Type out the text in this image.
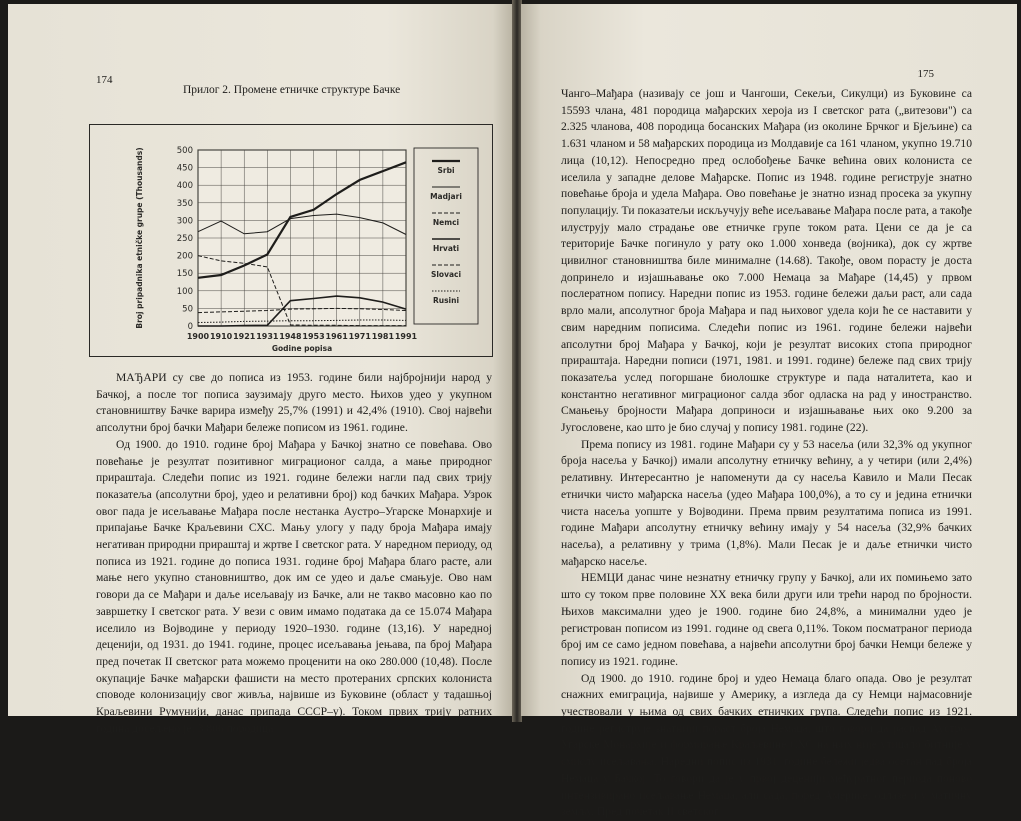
174
Прилог 2. Промене етничке структуре Бачке
0
50
100
150
200
250
300
350
400
450
500
1900 1910 1921 1931 1948 1953 1961 1971 1981 1991
Godine popisa
Broj pripadnika etničke grupe (Thousands)	Srbi
Madjari
Nemci
Hrvati
Slovaci
Rusini

МАЂАРИ су све до пописа из 1953. године били најбројнији народ у Бачкој, а после тог пописа заузимају друго место. Њихов удео у укупном становништву Бачке варира између 25,7% (1991) и 42,4% (1910). Свој највећи апсолутни број бачки Мађари бележе пописом из 1961. године.

Од 1900. до 1910. године број Мађара у Бачкој знатно се повећава. Ово повећање је резултат позитивног миграционог салда, а мање природног прираштаја. Следећи попис из 1921. године бележи нагли пад свих трију показатеља (апсолутни број, удео и релативни број) код бачких Мађара. Узрок овог пада је исељавање Мађара после нестанка Аустро–Угарске Монархије и припајање Бачке Краљевини СХС. Мању улогу у паду броја Мађара имају негативан природни прираштај и жртве I светског рата. У наредном периоду, од пописа из 1921. године до пописа 1931. године број Мађара благо расте, али мање него укупно становништво, док им се удео и даље смањује. Ово нам говори да се Мађари и даље исељавају из Бачке, али не такво масовно као по завршетку I светског рата. У вези с овим имамо података да се 15.074 Мађара иселило из Војводине у периоду 1920–1930. године (13,16). У наредној деценији, од 1931. до 1941. године, процес исељавања јењава, па број Мађара пред почетак II светског рата можемо проценити на око 280.000 (10,48). После окупације Бачке мађарски фашисти на место протераних српских колониста споводе колонизацију свог живља, највише из Буковине (област у тадашњој Краљевини Румунији, данас припада СССР–у). Током првих трију ратних година досељено је: 3.806 породица

175

Чанго–Мађара (називају се још и Чангоши, Секељи, Сикулци) из Буковине са 15593 члана, 481 породица мађарских хероја из I светског рата („витезови") са 2.325 чланова, 408 породица босанских Мађара (из околине Брчког и Бјељине) са 1.631 чланом и 58 мађарских породица из Молдавије са 161 чланом, укупно 19.710 лица (10,12). Непосредно пред ослобођење Бачке већина ових колониста се иселила у западне делове Мађарске. Попис из 1948. године региструје знатно повећање броја и удела Мађара. Ово повећање је знатно изнад просека за укупну популацију. Ти показатељи искључују веће исељавање Мађара после рата, а такође илуструју мало страдање ове етничке групе током рата. Цени се да је са територије Бачке погинуло у рату око 1.000 хонведа (војника), док су жртве цивилног становништва биле минималне (14.68). Такође, овом порасту је доста допринело и изјашњавање око 7.000 Немаца за Мађаре (14,45) у првом послератном попису. Наредни попис из 1953. године бележи даљи раст, али сада врло мали, апсолутног броја Мађара и пад њиховог удела који ће се наставити у свим наредним пописима. Следећи попис из 1961. године бележи највећи апсолутни број Мађара у Бачкој, који је резултат високих стопа природног прираштаја. Наредни пописи (1971, 1981. и 1991. године) бележе пад свих трију показатеља услед погоршане биолошке структуре и пада наталитета, као и константно негативног миграционог салда због одласка на рад у иностранство. Смањењу бројности Мађара доприноси и изјашњавање њих око 9.200 за Југословене, као што је био случај у попису 1981. године (22).

Према попису из 1981. године Мађари су у 53 насеља (или 32,3% од укупног броја насеља у Бачкој) имали апсолутну етничку већину, а у четири (или 2,4%) релативну. Интересантно је напоменути да су насеља Кавило и Мали Песак етнички чисто мађарска насеља (удео Мађара 100,0%), а то су и једина етнички чиста насеља уопште у Војводини. Према првим резултатима пописа из 1991. године Мађари апсолутну етничку већину имају у 54 насеља (32,9% бачких насеља), а релативну у трима (1,8%). Мали Песак је и даље етнички чисто мађарско насеље.

НЕМЦИ данас чине незнатну етничку групу у Бачкој, али их помињемо зато што су током прве половине XX века били други или трећи народ по бројности. Њихов максимални удео је 1900. године био 24,8%, а минимални удео је регистрован пописом из 1991. године од свега 0,11%. Током посматраног периода број им се само једном повећава, а највећи апсолутни број бачки Немци бележе у попису из 1921. године.

Од 1900. до 1910. године број и удео Немаца благо опада. Ово је резултат снажних емиграција, највише у Америку, а изгледа да су Немци најмасовније учествовали у њима од свих бачких етничких група. Следећи попис из 1921. године региструје знатнији пораст броја Немаца, што говори да распад Аустро–Угарске Монархије и формирање Краљевине СХС на њих није утицало битније у смислу исељавања. Наредни попис из 1931. године бележи једва осетан пад броја Немаца у Бачкој. То говори да је у првој деценији међуратног периода поново интензивирано исељавање Немаца, али сада, поред Америке, одлазе и у матичну земљу. Пред почетак II светског
